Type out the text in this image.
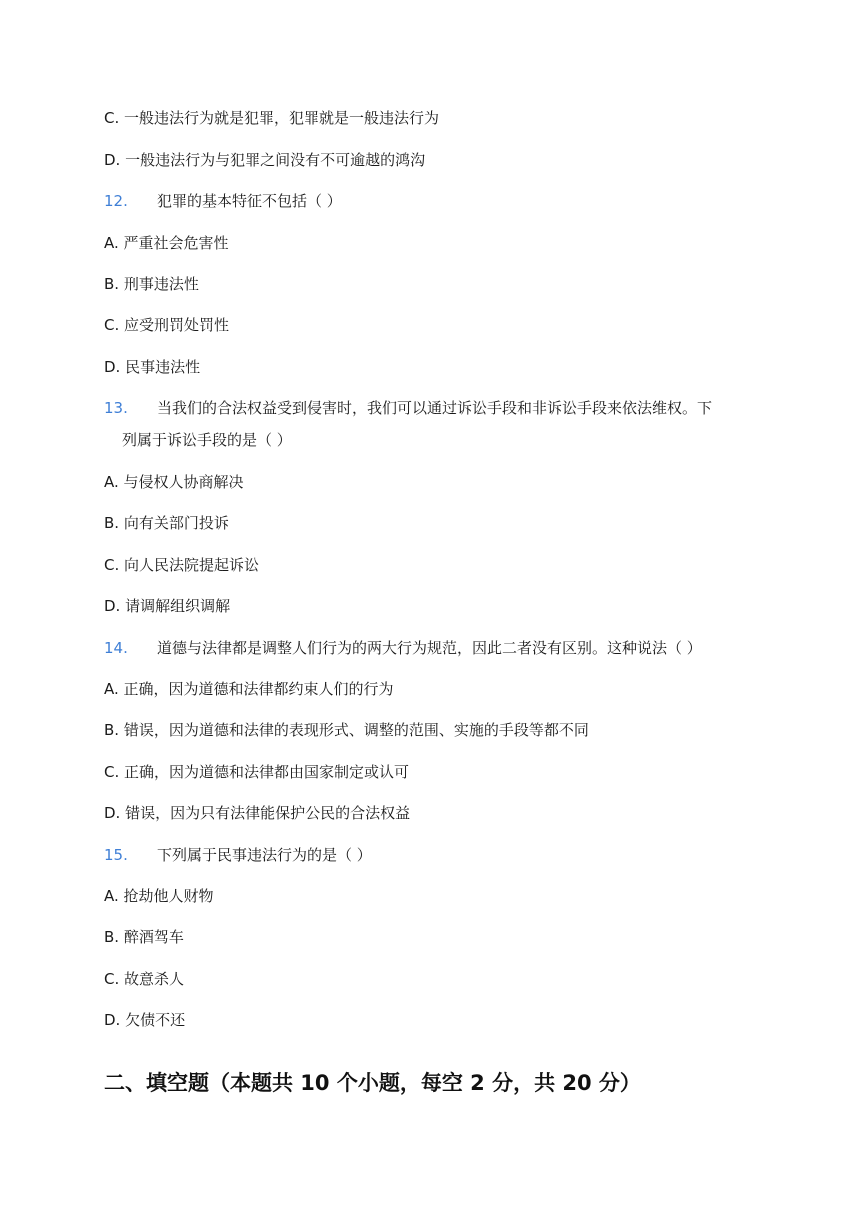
C. 一般违法行为就是犯罪，犯罪就是一般违法行为
D. 一般违法行为与犯罪之间没有不可逾越的鸿沟
12. 犯罪的基本特征不包括（ ）
A. 严重社会危害性
B. 刑事违法性
C. 应受刑罚处罚性
D. 民事违法性
13. 当我们的合法权益受到侵害时，我们可以通过诉讼手段和非诉讼手段来依法维权。下
列属于诉讼手段的是（ ）
A. 与侵权人协商解决
B. 向有关部门投诉
C. 向人民法院提起诉讼
D. 请调解组织调解
14. 道德与法律都是调整人们行为的两大行为规范，因此二者没有区别。这种说法（ ）
A. 正确，因为道德和法律都约束人们的行为
B. 错误，因为道德和法律的表现形式、调整的范围、实施的手段等都不同
C. 正确，因为道德和法律都由国家制定或认可
D. 错误，因为只有法律能保护公民的合法权益
15. 下列属于民事违法行为的是（ ）
A. 抢劫他人财物
B. 醉酒驾车
C. 故意杀人
D. 欠债不还
二、填空题（本题共 10 个小题，每空 2 分，共 20 分）
